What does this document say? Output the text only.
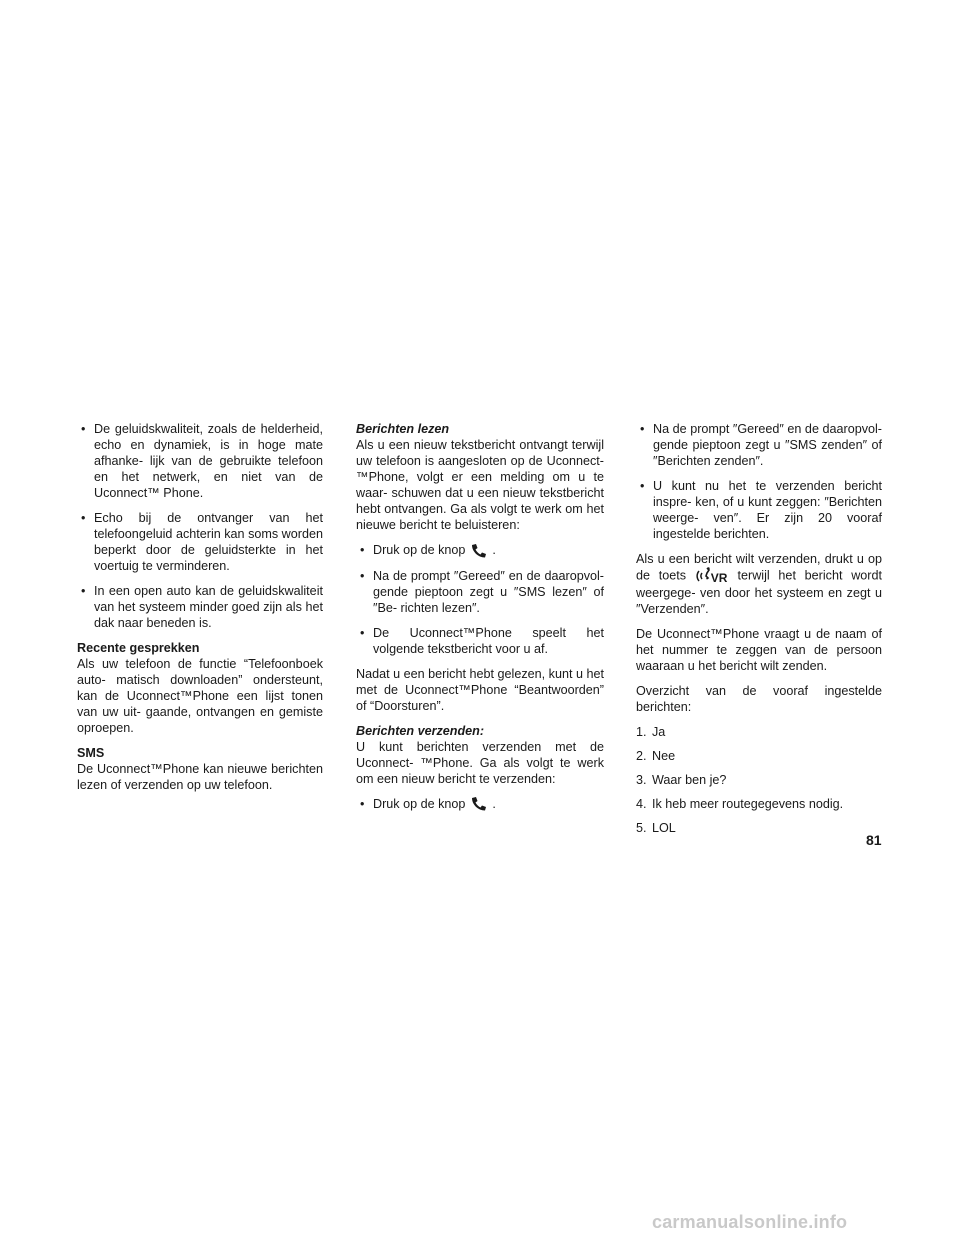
• De geluidskwaliteit, zoals de helderheid, echo en dynamiek, is in hoge mate afhanke- lijk van de gebruikte telefoon en het netwerk, en niet van de Uconnect™ Phone.
• Echo bij de ontvanger van het telefoongeluid achterin kan soms worden beperkt door de geluidsterkte in het voertuig te verminderen.
• In een open auto kan de geluidskwaliteit van het systeem minder goed zijn als het dak naar beneden is.

Recente gesprekken
Als uw telefoon de functie “Telefoonboek auto- matisch downloaden” ondersteunt, kan de Uconnect™Phone een lijst tonen van uw uit- gaande, ontvangen en gemiste oproepen.

SMS
De Uconnect™Phone kan nieuwe berichten lezen of verzenden op uw telefoon.

Berichten lezen
Als u een nieuw tekstbericht ontvangt terwijl uw telefoon is aangesloten op de Uconnect- ™Phone, volgt er een melding om u te waar- schuwen dat u een nieuw tekstbericht hebt ontvangen. Ga als volgt te werk om het nieuwe bericht te beluisteren:

• Druk op de knop .
• Na de prompt ″Gereed″ en de daaropvol- gende pieptoon zegt u ″SMS lezen″ of ″Be- richten lezen″.
• De Uconnect™Phone speelt het volgende tekstbericht voor u af.

Nadat u een bericht hebt gelezen, kunt u het met de Uconnect™Phone “Beantwoorden” of “Doorsturen”.

Berichten verzenden:
U kunt berichten verzenden met de Uconnect- ™Phone. Ga als volgt te werk om een nieuw bericht te verzenden:

• Druk op de knop .
• Na de prompt ″Gereed″ en de daaropvol- gende pieptoon zegt u ″SMS zenden″ of ″Berichten zenden″.
• U kunt nu het te verzenden bericht inspre- ken, of u kunt zeggen: ″Berichten weerge- ven″. Er zijn 20 vooraf ingestelde berichten.

Als u een bericht wilt verzenden, drukt u op de toets VR terwijl het bericht wordt weergege- ven door het systeem en zegt u ″Verzenden″.

De Uconnect™Phone vraagt u de naam of het nummer te zeggen van de persoon waaraan u het bericht wilt zenden.

Overzicht van de vooraf ingestelde berichten:

1. Ja
2. Nee
3. Waar ben je?
4. Ik heb meer routegegevens nodig.
5. LOL
81
carmanualsonline.info
